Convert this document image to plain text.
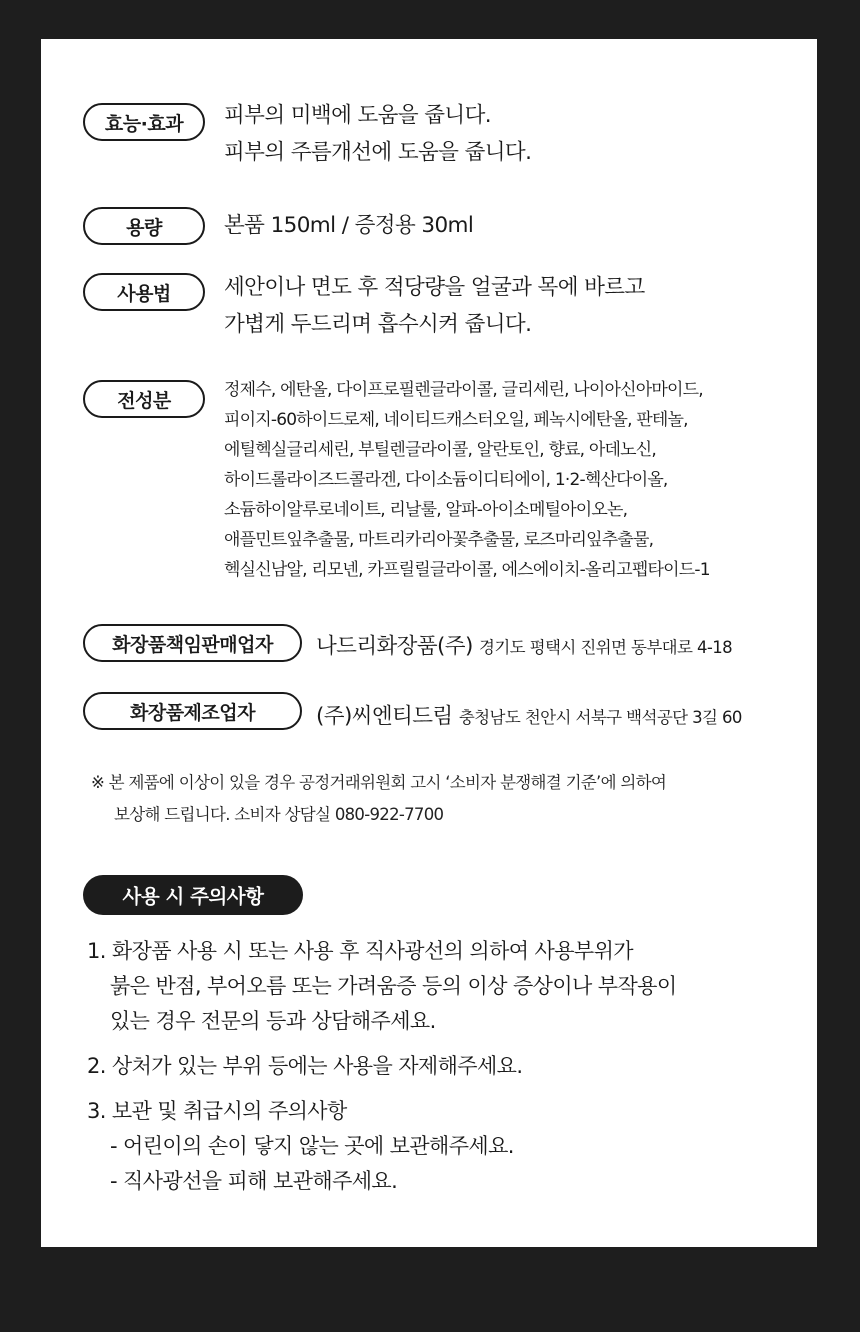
효능·효과	피부의 미백에 도움을 줍니다.
피부의 주름개선에 도움을 줍니다.
용량	본품 150ml / 증정용 30ml
사용법	세안이나 면도 후 적당량을 얼굴과 목에 바르고
가볍게 두드리며 흡수시켜 줍니다.
전성분	정제수, 에탄올, 다이프로필렌글라이콜, 글리세린, 나이아신아마이드,
피이지-60하이드로제, 네이티드캐스터오일, 페녹시에탄올, 판테놀,
에틸헥실글리세린, 부틸렌글라이콜, 알란토인, 향료, 아데노신,
하이드롤라이즈드콜라겐, 다이소듐이디티에이, 1·2-헥산다이올,
소듐하이알루로네이트, 리날룰, 알파-아이소메틸아이오논,
애플민트잎추출물, 마트리카리아꽃추출물, 로즈마리잎추출물,
헥실신남알, 리모넨, 카프릴릴글라이콜, 에스에이치-올리고펩타이드-1
화장품책임판매업자	나드리화장품(주) 경기도 평택시 진위면 동부대로 4-18
화장품제조업자	(주)씨엔티드림 충청남도 천안시 서북구 백석공단 3길 60
※ 본 제품에 이상이 있을 경우 공정거래위원회 고시 ‘소비자 분쟁해결 기준’에 의하여
보상해 드립니다. 소비자 상담실 080-922-7700
사용 시 주의사항
1. 화장품 사용 시 또는 사용 후 직사광선의 의하여 사용부위가
붉은 반점, 부어오름 또는 가려움증 등의 이상 증상이나 부작용이
있는 경우 전문의 등과 상담해주세요.
2. 상처가 있는 부위 등에는 사용을 자제해주세요.
3. 보관 및 취급시의 주의사항
- 어린이의 손이 닿지 않는 곳에 보관해주세요.
- 직사광선을 피해 보관해주세요.
